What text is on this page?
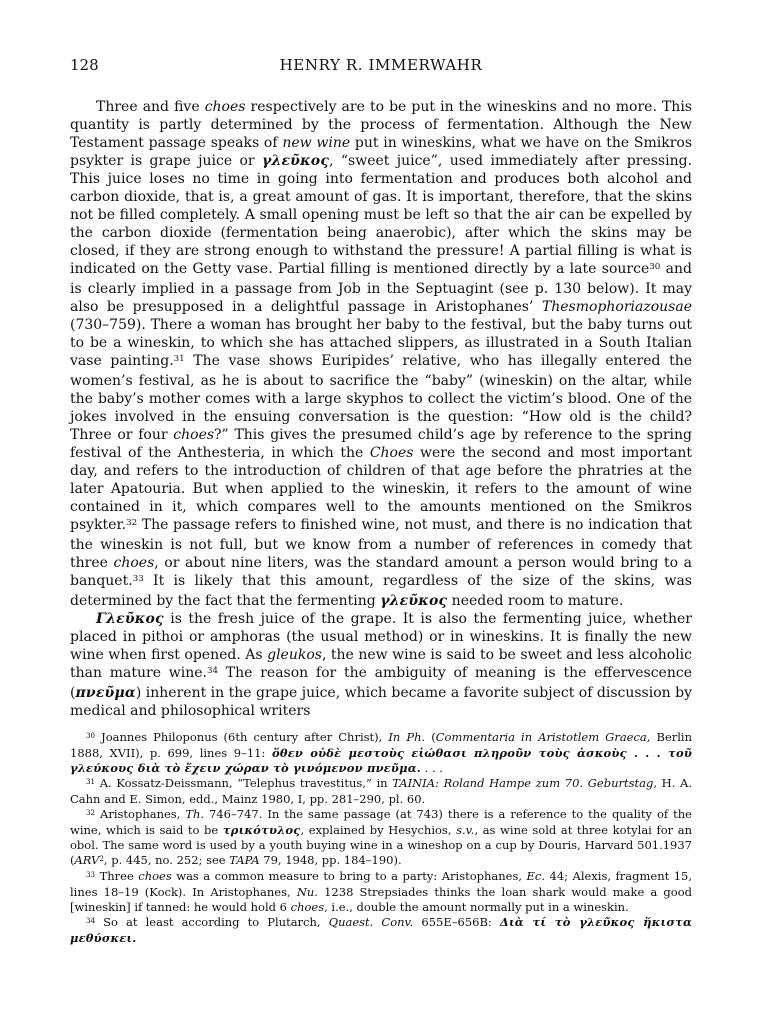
128	HENRY R. IMMERWAHR

Three and five choes respectively are to be put in the wineskins and no more. This quantity is partly determined by the process of fermentation. Although the New Testament passage speaks of new wine put in wineskins, what we have on the Smikros psykter is grape juice or γλεῦκος, “sweet juice”, used immediately after pressing. This juice loses no time in going into fermentation and produces both alcohol and carbon dioxide, that is, a great amount of gas. It is important, therefore, that the skins not be filled completely. A small opening must be left so that the air can be expelled by the carbon dioxide (fermentation being anaerobic), after which the skins may be closed, if they are strong enough to withstand the pressure! A partial filling is what is indicated on the Getty vase. Partial filling is mentioned directly by a late source$^{30}$ and is clearly implied in a passage from Job in the Septuagint (see p. 130 below). It may also be presupposed in a delightful passage in Aristophanes’ Thesmophoriazousae (730–759). There a woman has brought her baby to the festival, but the baby turns out to be a wineskin, to which she has attached slippers, as illustrated in a South Italian vase painting.$^{31}$ The vase shows Euripides’ relative, who has illegally entered the women’s festival, as he is about to sacrifice the “baby” (wineskin) on the altar, while the baby’s mother comes with a large skyphos to collect the victim’s blood. One of the jokes involved in the ensuing conversation is the question: “How old is the child? Three or four choes?” This gives the presumed child’s age by reference to the spring festival of the Anthesteria, in which the Choes were the second and most important day, and refers to the introduction of children of that age before the phratries at the later Apatouria. But when applied to the wineskin, it refers to the amount of wine contained in it, which compares well to the amounts mentioned on the Smikros psykter.$^{32}$ The passage refers to finished wine, not must, and there is no indication that the wineskin is not full, but we know from a number of references in comedy that three choes, or about nine liters, was the standard amount a person would bring to a banquet.$^{33}$ It is likely that this amount, regardless of the size of the skins, was determined by the fact that the fermenting γλεῦκος needed room to mature.

Γλεῦκος is the fresh juice of the grape. It is also the fermenting juice, whether placed in pithoi or amphoras (the usual method) or in wineskins. It is finally the new wine when first opened. As gleukos, the new wine is said to be sweet and less alcoholic than mature wine.$^{34}$ The reason for the ambiguity of meaning is the effervescence (πνεῦμα) inherent in the grape juice, which became a favorite subject of discussion by medical and philosophical writers

$^{30}$ Joannes Philoponus (6th century after Christ), In Ph. (Commentaria in Aristotlem Graeca, Berlin 1888, XVII), p. 699, lines 9–11: ὅθεν οὐδὲ μεστοὺς εἰώθασι πληροῦν τοὺς ἀσκοὺς . . . τοῦ γλεύκους διὰ τὸ ἔχειν χώραν τὸ γινόμενον πνεῦμα. . . .

$^{31}$ A. Kossatz-Deissmann, “Telephus travestitus,” in TAINIA: Roland Hampe zum 70. Geburtstag, H. A. Cahn and E. Simon, edd., Mainz 1980, I, pp. 281–290, pl. 60.

$^{32}$ Aristophanes, Th. 746–747. In the same passage (at 743) there is a reference to the quality of the wine, which is said to be τρικότυλος, explained by Hesychios, s.v., as wine sold at three kotylai for an obol. The same word is used by a youth buying wine in a wineshop on a cup by Douris, Harvard 501.1937 (ARV$^2$, p. 445, no. 252; see TAPA 79, 1948, pp. 184–190).

$^{33}$ Three choes was a common measure to bring to a party: Aristophanes, Ec. 44; Alexis, fragment 15, lines 18–19 (Kock). In Aristophanes, Nu. 1238 Strepsiades thinks the loan shark would make a good [wineskin] if tanned: he would hold 6 choes, i.e., double the amount normally put in a wineskin.

$^{34}$ So at least according to Plutarch, Quaest. Conv. 655E–656B: Διὰ τί τὸ γλεῦκος ἥκιστα μεθύσκει.
